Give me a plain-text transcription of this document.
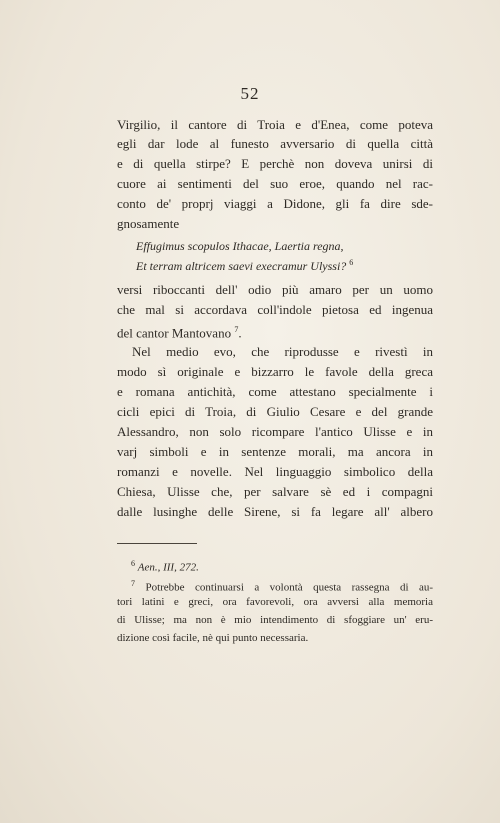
52
Virgilio, il cantore di Troia e d'Enea, come poteva
egli dar lode al funesto avversario di quella città
e di quella stirpe? E perchè non doveva unirsi di
cuore ai sentimenti del suo eroe, quando nel rac-
conto de' proprj viaggi a Didone, gli fa dire sde-
gnosamente
Effugimus scopulos Ithacae, Laertia regna,
Et terram altricem saevi execramur Ulyssi? $^6$
versi riboccanti dell' odio più amaro per un uomo
che mal si accordava coll'indole pietosa ed ingenua
del cantor Mantovano $^7$.
Nel medio evo, che riprodusse e rivestì in
modo sì originale e bizzarro le favole della greca
e romana antichità, come attestano specialmente i
cicli epici di Troia, di Giulio Cesare e del grande
Alessandro, non solo ricompare l'antico Ulisse e in
varj simboli e in sentenze morali, ma ancora in
romanzi e novelle. Nel linguaggio simbolico della
Chiesa, Ulisse che, per salvare sè ed i compagni
dalle lusinghe delle Sirene, si fa legare all' albero
$^6$ Aen., III, 272.
$^7$ Potrebbe continuarsi a volontà questa rassegna di au-
tori latini e greci, ora favorevoli, ora avversi alla memoria
di Ulisse; ma non è mio intendimento di sfoggiare un' eru-
dizione così facile, nè qui punto necessaria.
